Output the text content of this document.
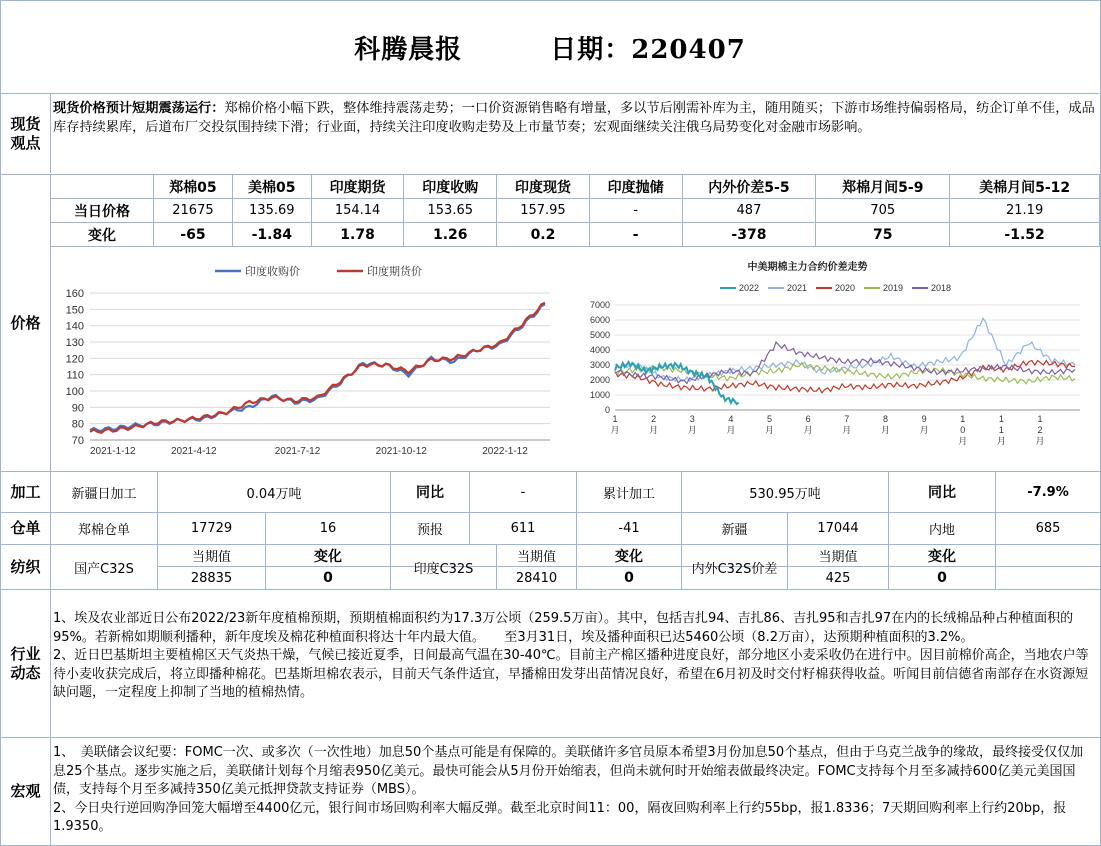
科腾晨报	日期：220407
现货
观点
现货价格预计短期震荡运行：郑棉价格小幅下跌，整体维持震荡走势；一口价资源销售略有增量，多以节后刚需补库为主，随用随买；下游市场维持偏弱格局，纺企订单不佳，成品库存持续累库，后道布厂交投氛围持续下滑；行业面，持续关注印度收购走势及上市量节奏；宏观面继续关注俄乌局势变化对金融市场影响。
价格
	郑棉05	美棉05	印度期货	印度收购	印度现货	印度抛储	内外价差5-5	郑棉月间5-9	美棉月间5-12
当日价格	21675	135.69	154.14	153.65	157.95	-	487	705	21.19
变化	-65	-1.84	1.78	1.26	0.2	-	-378	75	-1.52
印度收购价	印度期货价
70
80
90
100
110
120
130
140
150
160
2021-1-12	2021-4-12	2021-7-12	2021-10-12	2022-1-12
中美期棉主力合约价差走势
2022	2021	2020	2019	2018
0
1000
2000
3000
4000
5000
6000
7000
1
月
2
月
3
月
4
月
5
月
6
月
7
月
8
月
9
月
1
0
月
1
1
月
1
2
月
加工	新疆日加工	0.04万吨	同比	-	累计加工	530.95万吨	同比	-7.9%
仓单	郑棉仓单	17729	16	预报	611	-41	新疆	17044	内地	685
纺织	国产C32S
当期值	变化
28835	0
印度C32S
当期值	变化
28410	0
内外C32S价差
当期值	变化
425	0
行业
动态
1、埃及农业部近日公布2022/23新年度植棉预期，预期植棉面积约为17.3万公顷（259.5万亩）。其中，包括吉扎94、吉扎86、吉扎95和吉扎97在内的长绒棉品种占种植面积的95%。若新棉如期顺利播种，新年度埃及棉花种植面积将达十年内最大值。　　至3月31日，埃及播种面积已达5460公顷（8.2万亩），达预期种植面积的3.2%。
2、近日巴基斯坦主要植棉区天气炎热干燥，气候已接近夏季，日间最高气温在30-40℃。目前主产棉区播种进度良好，部分地区小麦采收仍在进行中。因目前棉价高企，当地农户等待小麦收获完成后，将立即播种棉花。巴基斯坦棉农表示，目前天气条件适宜，早播棉田发芽出苗情况良好，希望在6月初及时交付籽棉获得收益。听闻目前信德省南部存在水资源短缺问题，一定程度上抑制了当地的植棉热情。
宏观
1、　美联储会议纪要：FOMC一次、或多次（一次性地）加息50个基点可能是有保障的。美联储许多官员原本希望3月份加息50个基点，但由于乌克兰战争的缘故，最终接受仅仅加息25个基点。逐步实施之后，美联储计划每个月缩表950亿美元。最快可能会从5月份开始缩表，但尚未就何时开始缩表做最终决定。FOMC支持每个月至多减持600亿美元美国国债，支持每个月至多减持350亿美元抵押贷款支持证券（MBS）。
2、今日央行逆回购净回笼大幅增至4400亿元，银行间市场回购利率大幅反弹。截至北京时间11：00，隔夜回购利率上行约55bp，报1.8336；7天期回购利率上行约20bp，报1.9350。
